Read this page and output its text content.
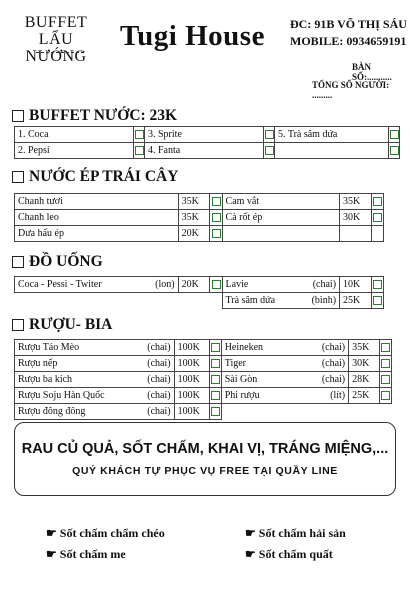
BUFFET
LẨU NƯỚNG
Tugi House ĐC: 91B VÕ THỊ SÁU
MOBILE: 0934659191
BÀN SỐ:...........
TỔNG SỐ NGƯỜI: .........
BUFFET NƯỚC: 23K
1. Coca		3. Sprite		5. Trà sâm dứa	
2. Pepsi		4. Fanta			
NƯỚC ÉP TRÁI CÂY
Chanh tươi	35K		Cam vắt	35K	
Chanh leo	35K		Cà rốt ép	30K	
Dưa hấu ép	20K				
ĐỒ UỐNG
Coca - Pessi - Twiter (lon)	20K		Lavie (chai)	10K	
			Trà sâm dứa (bình)	25K	
RƯỢU- BIA
Rượu Táo Mèo (chai)	100K		Heineken (chai)	35K	
Rượu nếp (chai)	100K		Tiger (chai)	30K	
Rượu ba kích (chai)	100K		Sài Gòn (chai)	28K	
Rượu Soju Hàn Quốc (chai)	100K		Phi rượu (lít)	25K	
Rượu đông đông (chai)	100K				
RAU CỦ QUẢ, SỐT CHẤM, KHAI VỊ, TRÁNG MIỆNG,...
QUÝ KHÁCH TỰ PHỤC VỤ FREE TẠI QUẦY LINE
☛ Sốt chấm chẩm chéo	☛ Sốt chấm hải sản
☛ Sốt chấm me	☛ Sốt chấm quất
